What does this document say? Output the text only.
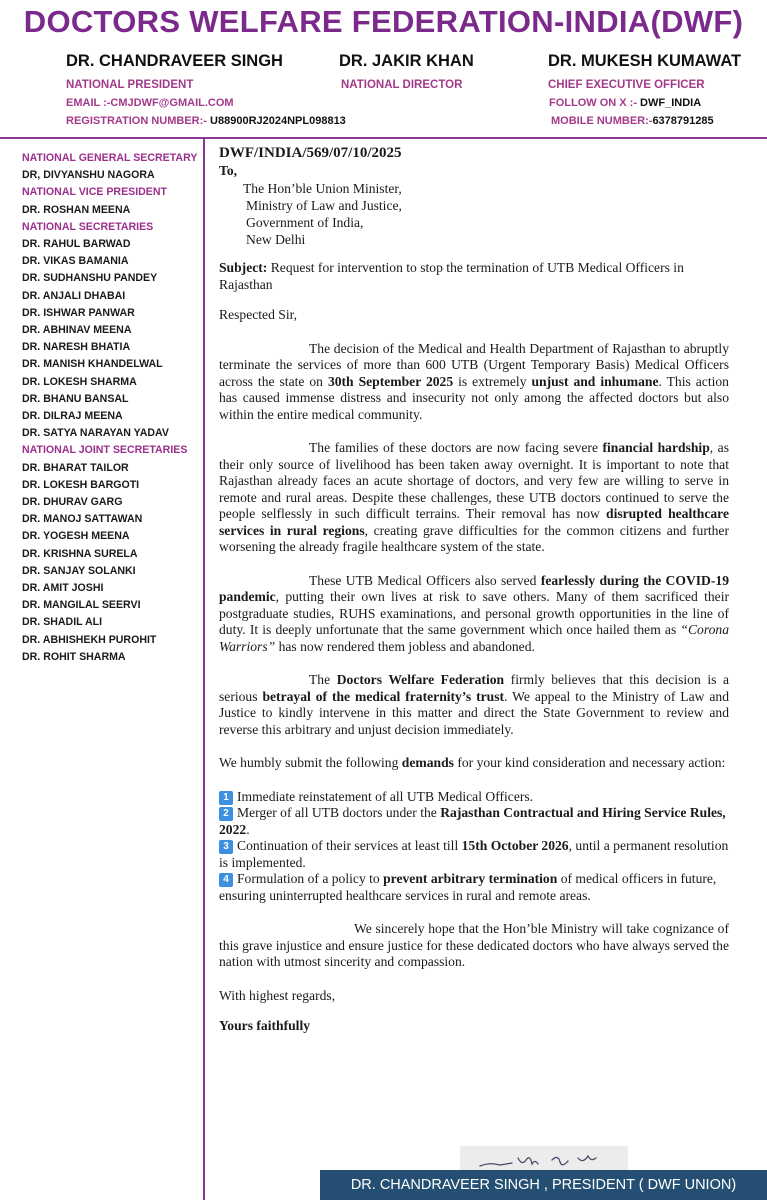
DOCTORS WELFARE FEDERATION-INDIA(DWF)
DR. CHANDRAVEER SINGH	DR. JAKIR KHAN	DR. MUKESH KUMAWAT
NATIONAL PRESIDENT	NATIONAL DIRECTOR	CHIEF EXECUTIVE OFFICER
EMAIL :-CMJDWF@GMAIL.COM
REGISTRATION NUMBER:- U88900RJ2024NPL098813
FOLLOW ON X :- DWF_INDIA
MOBILE NUMBER:-6378791285
NATIONAL GENERAL SECRETARY
DR, DIVYANSHU NAGORA
NATIONAL VICE PRESIDENT
DR. ROSHAN MEENA
NATIONAL SECRETARIES
DR. RAHUL BARWAD
DR. VIKAS BAMANIA
DR. SUDHANSHU PANDEY
DR. ANJALI DHABAI
DR. ISHWAR PANWAR
DR. ABHINAV MEENA
DR. NARESH BHATIA
DR. MANISH KHANDELWAL
DR. LOKESH SHARMA
DR. BHANU BANSAL
DR. DILRAJ MEENA
DR. SATYA NARAYAN YADAV
NATIONAL JOINT SECRETARIES
DR. BHARAT TAILOR
DR. LOKESH BARGOTI
DR. DHURAV GARG
DR. MANOJ SATTAWAN
DR. YOGESH MEENA
DR. KRISHNA SURELA
DR. SANJAY SOLANKI
DR. AMIT JOSHI
DR. MANGILAL SEERVI
DR. SHADIL ALI
DR. ABHISHEKH PUROHIT
DR. ROHIT SHARMA
DWF/INDIA/569/07/10/2025
To,
The Hon’ble Union Minister,
Ministry of Law and Justice,
Government of India,
New Delhi
Subject: Request for intervention to stop the termination of UTB Medical Officers in Rajasthan
Respected Sir,

The decision of the Medical and Health Department of Rajasthan to abruptly terminate the services of more than 600 UTB (Urgent Temporary Basis) Medical Officers across the state on 30th September 2025 is extremely unjust and inhumane. This action has caused immense distress and insecurity not only among the affected doctors but also within the entire medical community.

The families of these doctors are now facing severe financial hardship, as their only source of livelihood has been taken away overnight. It is important to note that Rajasthan already faces an acute shortage of doctors, and very few are willing to serve in remote and rural areas. Despite these challenges, these UTB doctors continued to serve the people selflessly in such difficult terrains. Their removal has now disrupted healthcare services in rural regions, creating grave difficulties for the common citizens and further worsening the already fragile healthcare system of the state.

These UTB Medical Officers also served fearlessly during the COVID-19 pandemic, putting their own lives at risk to save others. Many of them sacrificed their postgraduate studies, RUHS examinations, and personal growth opportunities in the line of duty. It is deeply unfortunate that the same government which once hailed them as “Corona Warriors” has now rendered them jobless and abandoned.

The Doctors Welfare Federation firmly believes that this decision is a serious betrayal of the medical fraternity’s trust. We appeal to the Ministry of Law and Justice to kindly intervene in this matter and direct the State Government to review and reverse this arbitrary and unjust decision immediately.

We humbly submit the following demands for your kind consideration and necessary action:

1 Immediate reinstatement of all UTB Medical Officers.
2 Merger of all UTB doctors under the Rajasthan Contractual and Hiring Service Rules, 2022.
3 Continuation of their services at least till 15th October 2026, until a permanent resolution is implemented.
4 Formulation of a policy to prevent arbitrary termination of medical officers in future, ensuring uninterrupted healthcare services in rural and remote areas.

We sincerely hope that the Hon’ble Ministry will take cognizance of this grave injustice and ensure justice for these dedicated doctors who have always served the nation with utmost sincerity and compassion.

With highest regards,
Yours faithfully
DR. CHANDRAVEER SINGH , PRESIDENT ( DWF UNION)
